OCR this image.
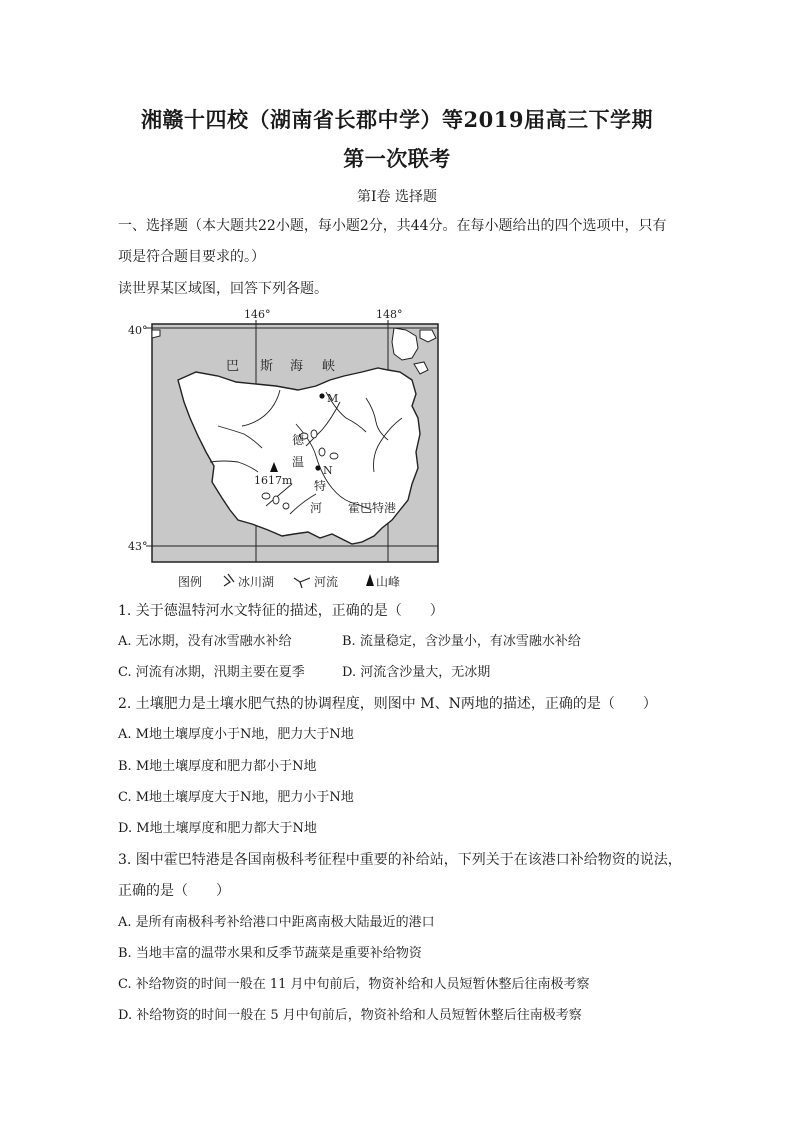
湘赣十四校（湖南省长郡中学）等2019届高三下学期
第一次联考
第Ⅰ卷 选择题
一、选择题（本大题共22小题，每小题2分，共44分。在每小题给出的四个选项中，只有
项是符合题目要求的。）
读世界某区域图，回答下列各题。
146°	148°
40°
43°
巴 斯 海 峡
M
N
1617m
德
温
特
河 霍巴特港
图例	冰川湖	河流	山峰
1. 关于德温特河水文特征的描述，正确的是（　　）
A. 无冰期，没有冰雪融水补给	B. 流量稳定，含沙量小，有冰雪融水补给
C. 河流有冰期，汛期主要在夏季	D. 河流含沙量大，无冰期
2. 土壤肥力是土壤水肥气热的协调程度，则图中 M、N两地的描述，正确的是（　　）
A. M地土壤厚度小于N地，肥力大于N地
B. M地土壤厚度和肥力都小于N地
C. M地土壤厚度大于N地，肥力小于N地
D. M地土壤厚度和肥力都大于N地
3. 图中霍巴特港是各国南极科考征程中重要的补给站，下列关于在该港口补给物资的说法，
正确的是（　　）
A. 是所有南极科考补给港口中距离南极大陆最近的港口
B. 当地丰富的温带水果和反季节蔬菜是重要补给物资
C. 补给物资的时间一般在 11 月中旬前后，物资补给和人员短暂休整后往南极考察
D. 补给物资的时间一般在 5 月中旬前后，物资补给和人员短暂休整后往南极考察
